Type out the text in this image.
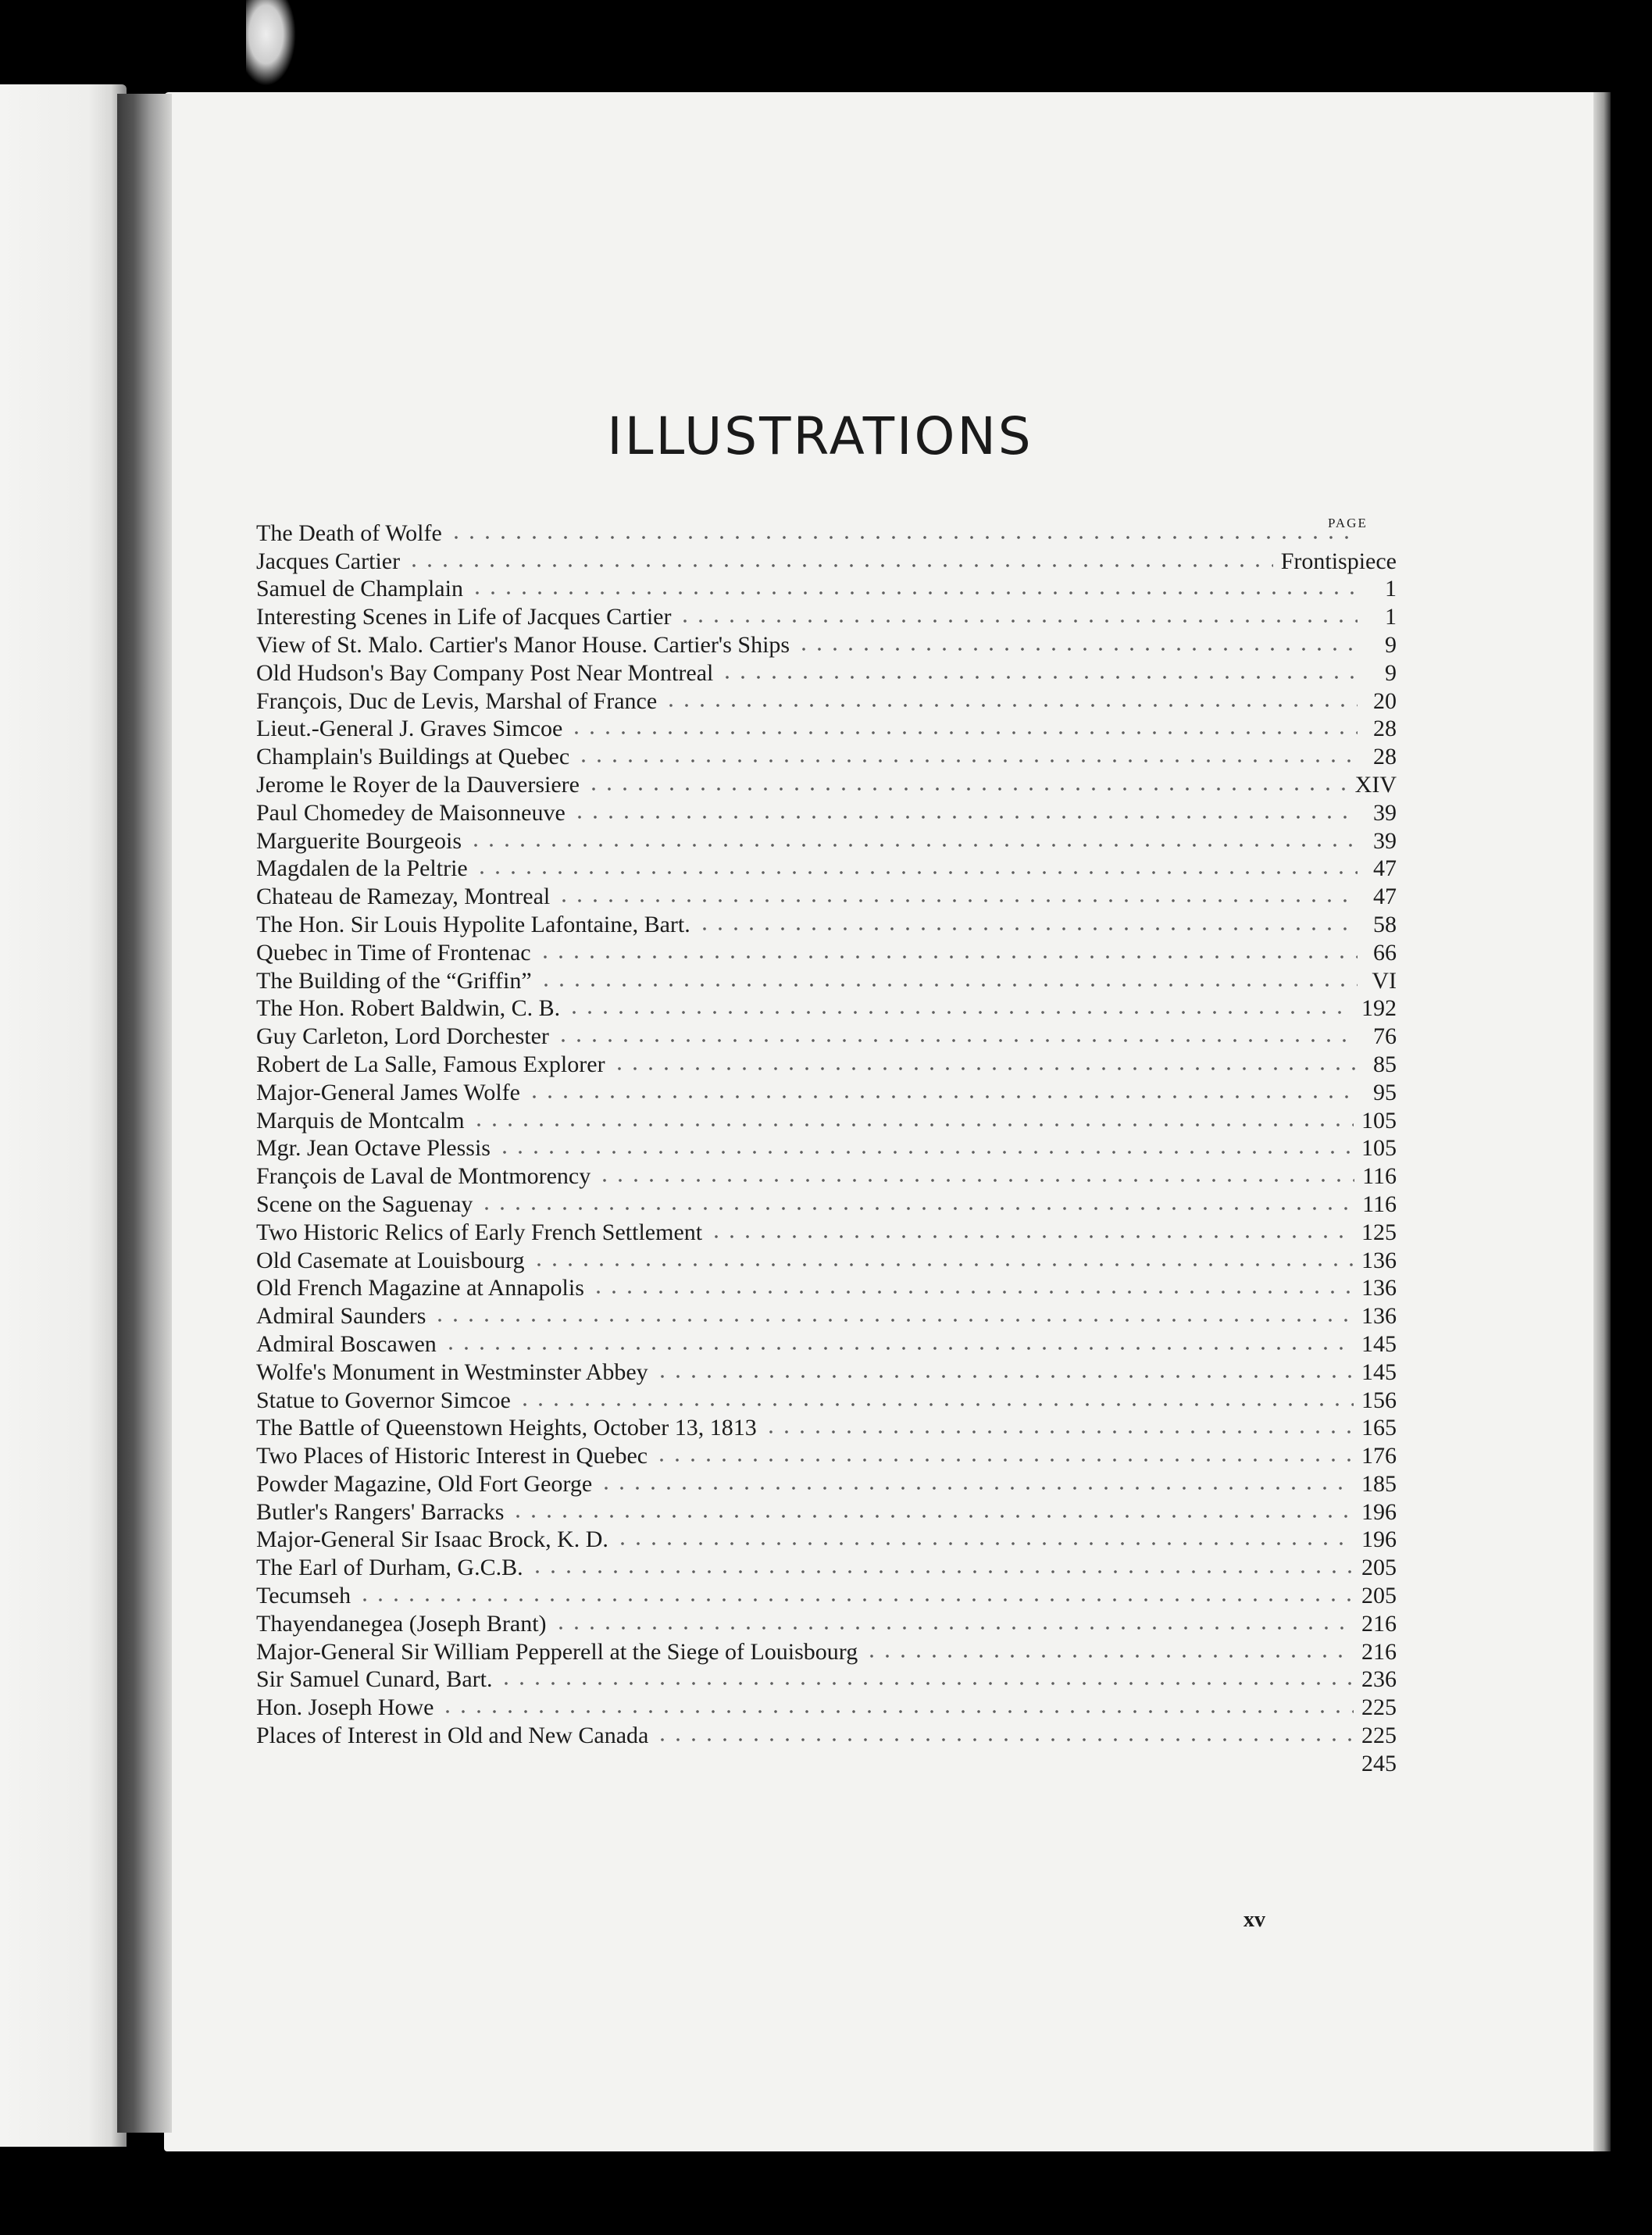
ILLUSTRATIONS
PAGE
The Death of Wolfe
Jacques Cartier	Frontispiece
Samuel de Champlain	1
Interesting Scenes in Life of Jacques Cartier	1
View of St. Malo. Cartier's Manor House. Cartier's Ships	9
Old Hudson's Bay Company Post Near Montreal	9
François, Duc de Levis, Marshal of France	20
Lieut.-General J. Graves Simcoe	28
Champlain's Buildings at Quebec	28
Jerome le Royer de la Dauversiere	XIV
Paul Chomedey de Maisonneuve	39
Marguerite Bourgeois	39
Magdalen de la Peltrie	47
Chateau de Ramezay, Montreal	47
The Hon. Sir Louis Hypolite Lafontaine, Bart.	58
Quebec in Time of Frontenac	66
The Building of the “Griffin”	VI
The Hon. Robert Baldwin, C. B.	192
Guy Carleton, Lord Dorchester	76
Robert de La Salle, Famous Explorer	85
Major-General James Wolfe	95
Marquis de Montcalm	105
Mgr. Jean Octave Plessis	105
François de Laval de Montmorency	116
Scene on the Saguenay	116
Two Historic Relics of Early French Settlement	125
Old Casemate at Louisbourg	136
Old French Magazine at Annapolis	136
Admiral Saunders	136
Admiral Boscawen	145
Wolfe's Monument in Westminster Abbey	145
Statue to Governor Simcoe	156
The Battle of Queenstown Heights, October 13, 1813	165
Two Places of Historic Interest in Quebec	176
Powder Magazine, Old Fort George	185
Butler's Rangers' Barracks	196
Major-General Sir Isaac Brock, K. D.	196
The Earl of Durham, G.C.B.	205
Tecumseh	205
Thayendanegea (Joseph Brant)	216
Major-General Sir William Pepperell at the Siege of Louisbourg	216
Sir Samuel Cunard, Bart.	236
Hon. Joseph Howe	225
Places of Interest in Old and New Canada	225
245
xv
